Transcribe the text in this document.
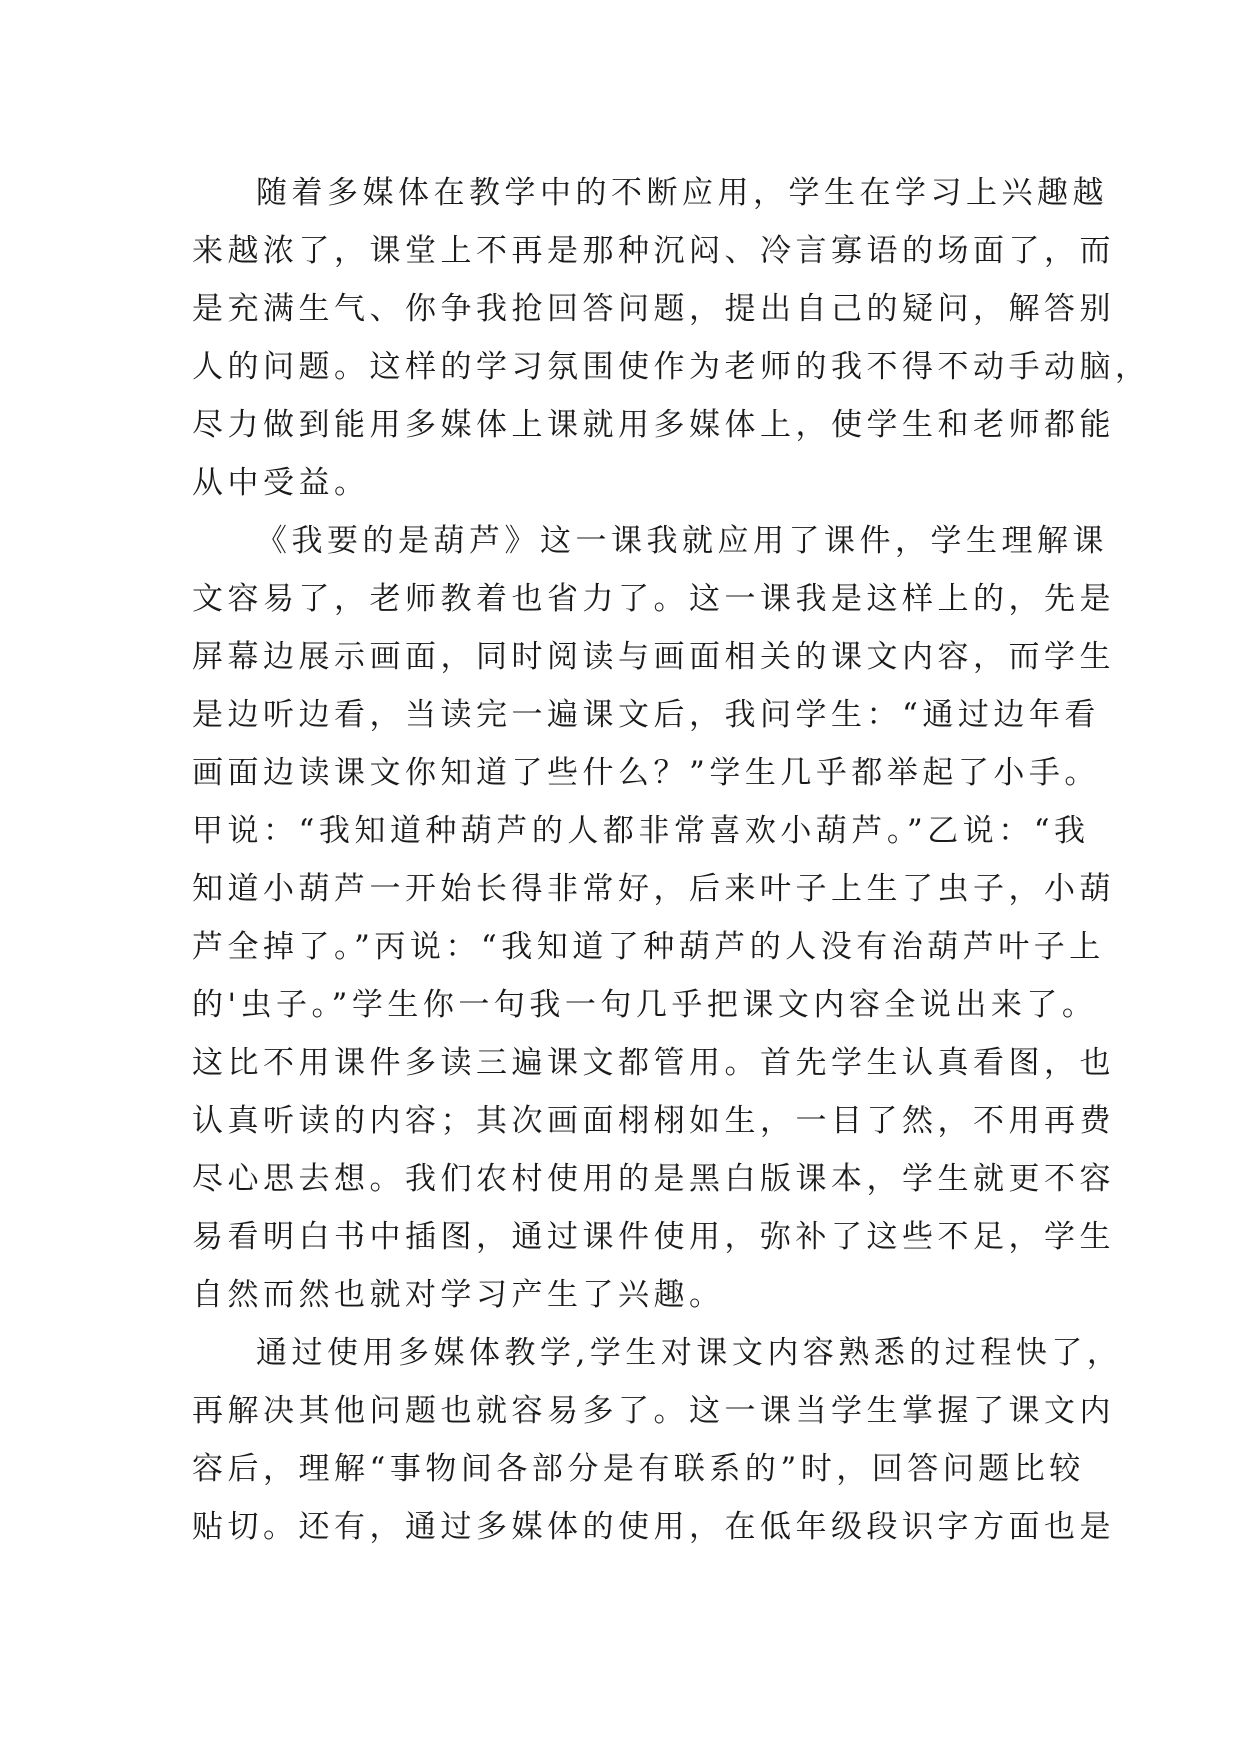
随着多媒体在教学中的不断应用，学生在学习上兴趣越
来越浓了，课堂上不再是那种沉闷、冷言寡语的场面了，而
是充满生气、你争我抢回答问题，提出自己的疑问，解答别
人的问题。这样的学习氛围使作为老师的我不得不动手动脑，
尽力做到能用多媒体上课就用多媒体上，使学生和老师都能
从中受益。
《我要的是葫芦》这一课我就应用了课件，学生理解课
文容易了，老师教着也省力了。这一课我是这样上的，先是
屏幕边展示画面，同时阅读与画面相关的课文内容，而学生
是边听边看，当读完一遍课文后，我问学生：“通过边年看
画面边读课文你知道了些什么？”学生几乎都举起了小手。
甲说：“我知道种葫芦的人都非常喜欢小葫芦。”乙说：“我
知道小葫芦一开始长得非常好，后来叶子上生了虫子，小葫
芦全掉了。”丙说：“我知道了种葫芦的人没有治葫芦叶子上
的'虫子。”学生你一句我一句几乎把课文内容全说出来了。
这比不用课件多读三遍课文都管用。首先学生认真看图，也
认真听读的内容；其次画面栩栩如生，一目了然，不用再费
尽心思去想。我们农村使用的是黑白版课本，学生就更不容
易看明白书中插图，通过课件使用，弥补了这些不足，学生
自然而然也就对学习产生了兴趣。
通过使用多媒体教学,学生对课文内容熟悉的过程快了，
再解决其他问题也就容易多了。这一课当学生掌握了课文内
容后，理解“事物间各部分是有联系的”时，回答问题比较
贴切。还有，通过多媒体的使用，在低年级段识字方面也是
